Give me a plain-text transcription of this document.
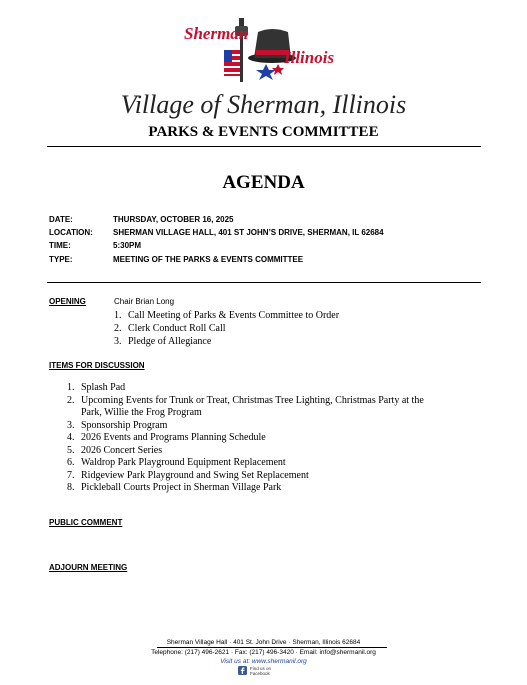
Sherman
Illinois
Village of Sherman, Illinois
PARKS & EVENTS COMMITTEE
AGENDA
DATE:	THURSDAY, OCTOBER 16, 2025
LOCATION:	SHERMAN VILLAGE HALL, 401 ST JOHN’S DRIVE, SHERMAN, IL 62684
TIME:	5:30PM
TYPE:	MEETING OF THE PARKS & EVENTS COMMITTEE
OPENING	Chair Brian Long
1. Call Meeting of Parks & Events Committee to Order
2. Clerk Conduct Roll Call
3. Pledge of Allegiance
ITEMS FOR DISCUSSION
1. Splash Pad
2. Upcoming Events for Trunk or Treat, Christmas Tree Lighting, Christmas Party at the
Park, Willie the Frog Program
3. Sponsorship Program
4. 2026 Events and Programs Planning Schedule
5. 2026 Concert Series
6. Waldrop Park Playground Equipment Replacement
7. Ridgeview Park Playground and Swing Set Replacement
8. Pickleball Courts Project in Sherman Village Park
PUBLIC COMMENT
ADJOURN MEETING
Sherman Village Hall · 401 St. John Drive · Sherman, Illinois 62684
Telephone: (217) 496-2621 · Fax: (217) 496-3420 · Email: info@shermanil.org
Visit us at: www.shermanil.org
Find us on
Facebook
